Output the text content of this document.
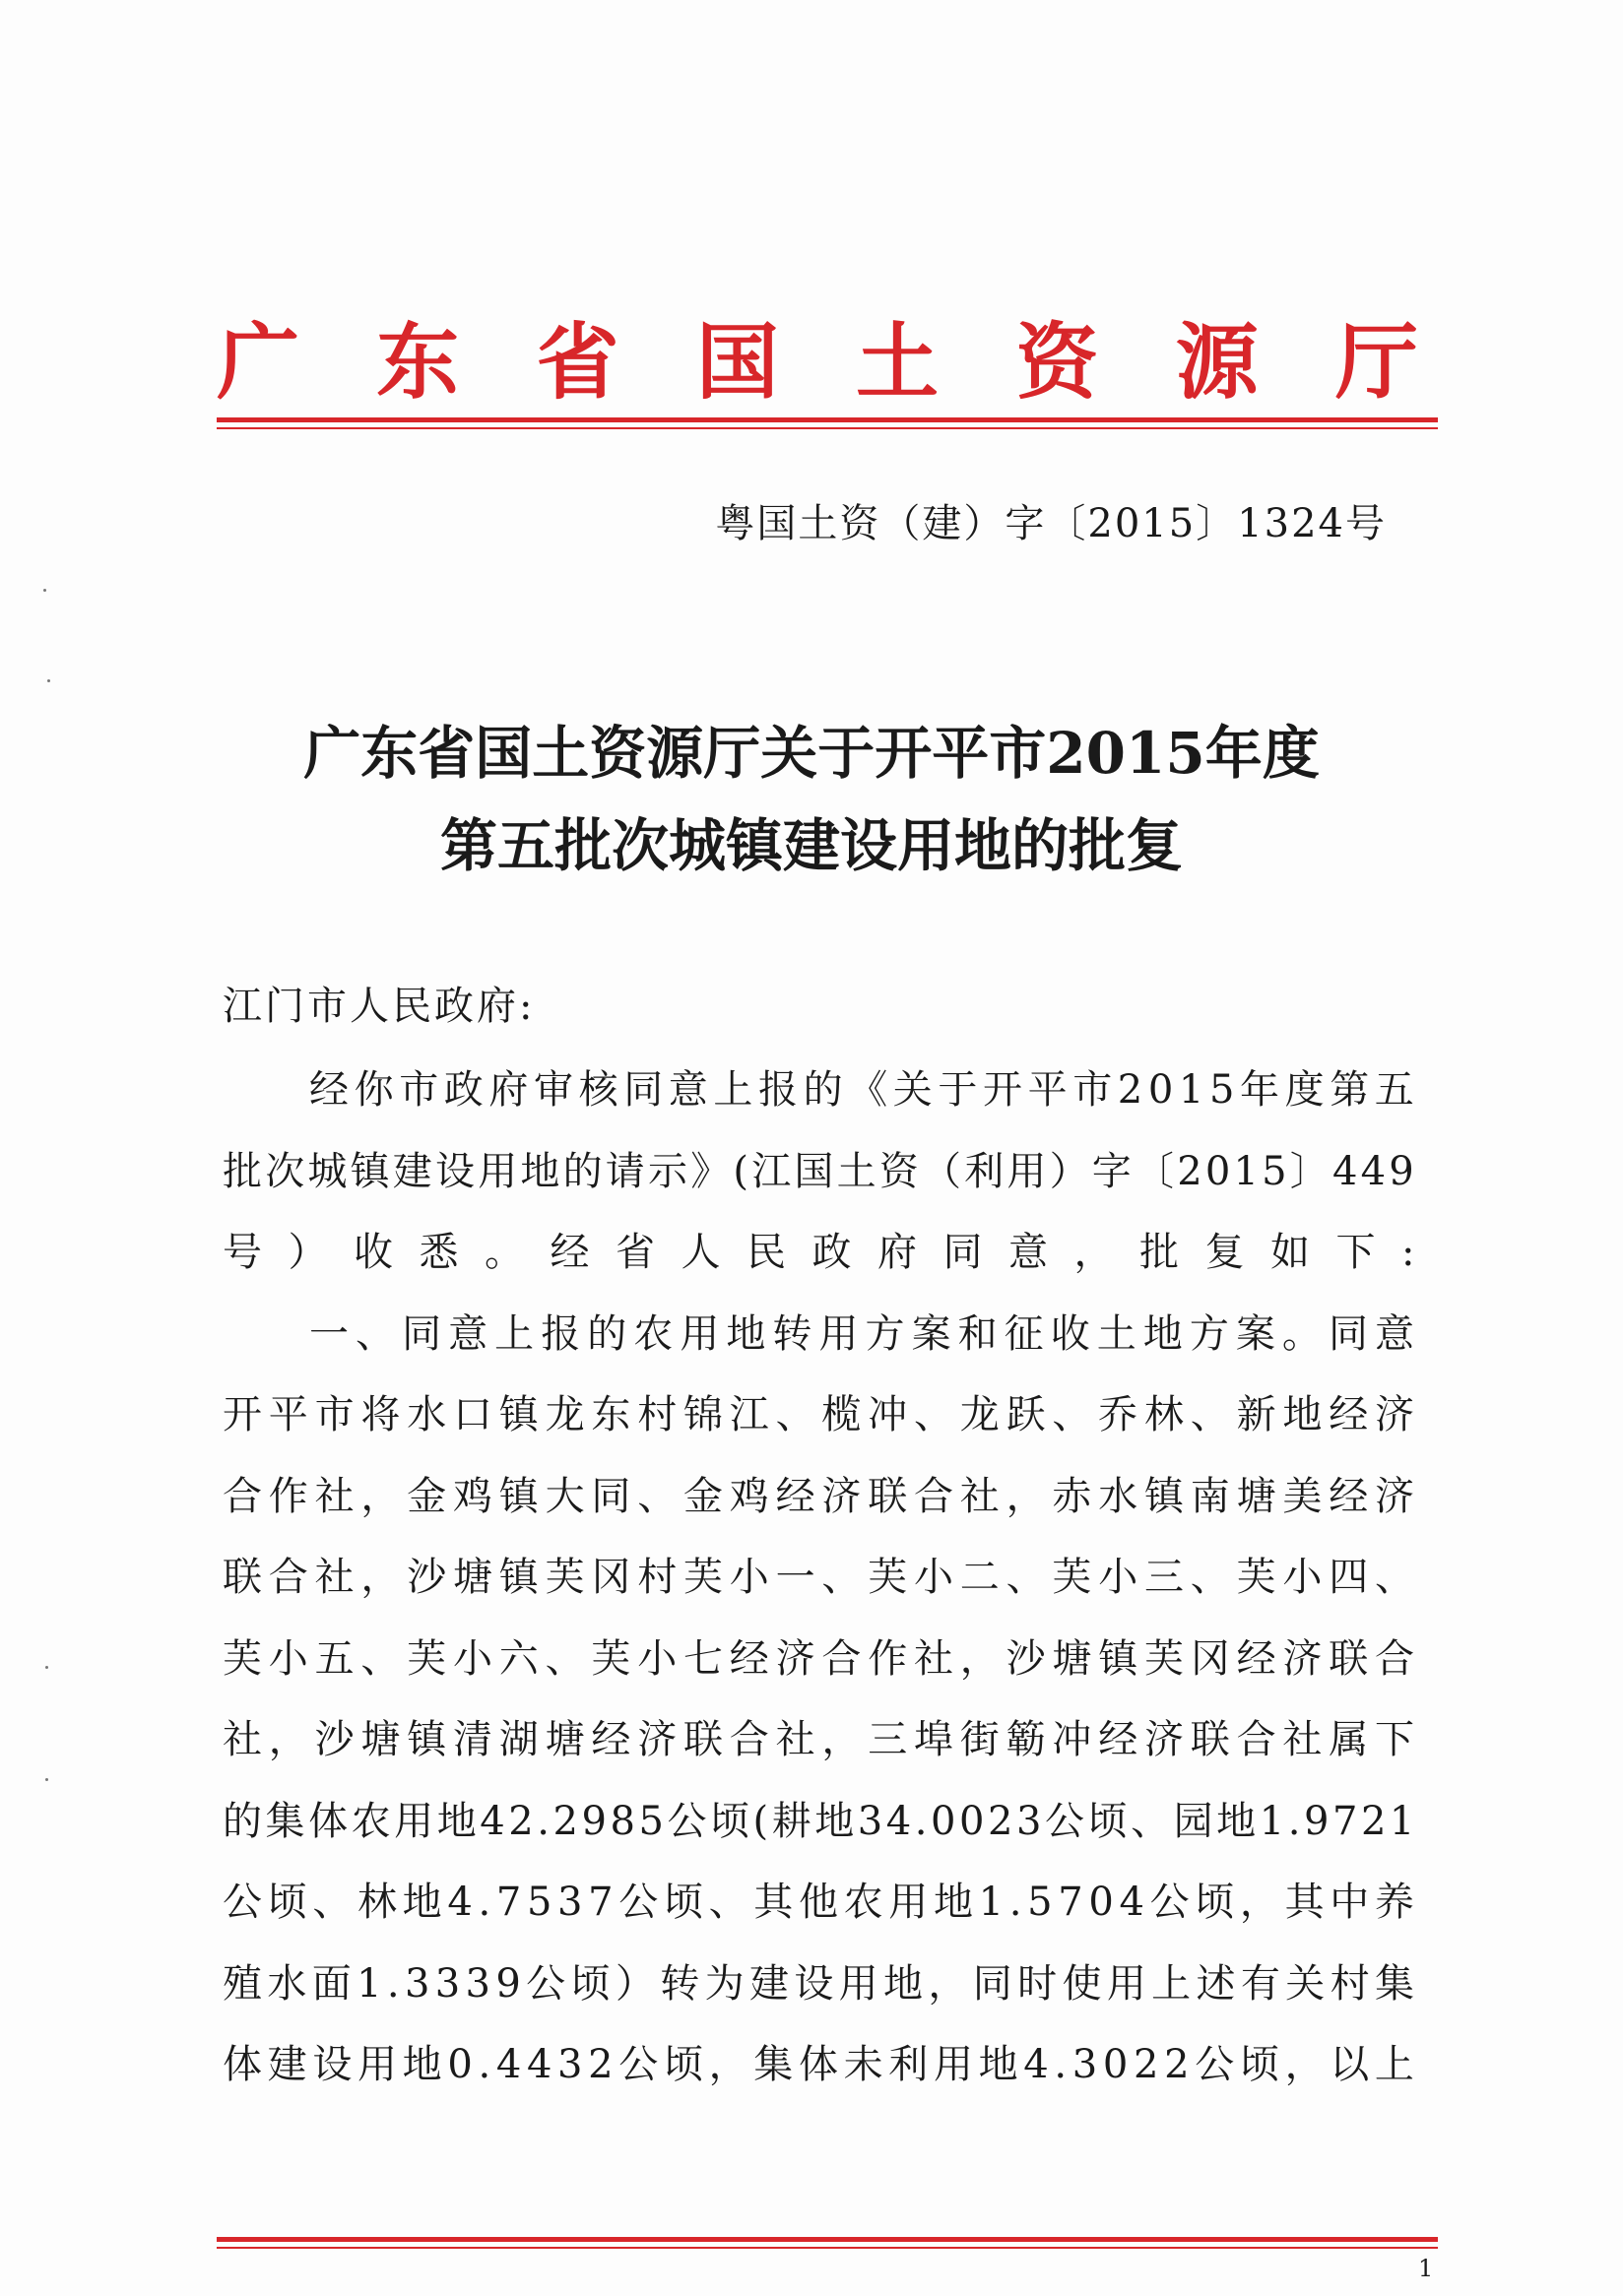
广 东 省 国 土 资 源 厅
粤国土资（建）字〔2015〕1324号
广东省国土资源厅关于开平市2015年度
第五批次城镇建设用地的批复
江门市人民政府:
经你市政府审核同意上报的《关于开平市2015年度第五
批次城镇建设用地的请示》(江国土资（利用）字〔2015〕449
号）收悉。经省人民政府同意，批复如下:
一、同意上报的农用地转用方案和征收土地方案。同意
开平市将水口镇龙东村锦江、榄冲、龙跃、乔林、新地经济
合作社，金鸡镇大同、金鸡经济联合社，赤水镇南塘美经济
联合社，沙塘镇芙冈村芙小一、芙小二、芙小三、芙小四、
芙小五、芙小六、芙小七经济合作社，沙塘镇芙冈经济联合
社，沙塘镇清湖塘经济联合社，三埠街簕冲经济联合社属下
的集体农用地42.2985公顷(耕地34.0023公顷、园地1.9721
公顷、林地4.7537公顷、其他农用地1.5704公顷，其中养
殖水面1.3339公顷）转为建设用地，同时使用上述有关村集
体建设用地0.4432公顷，集体未利用地4.3022公顷，以上
1
